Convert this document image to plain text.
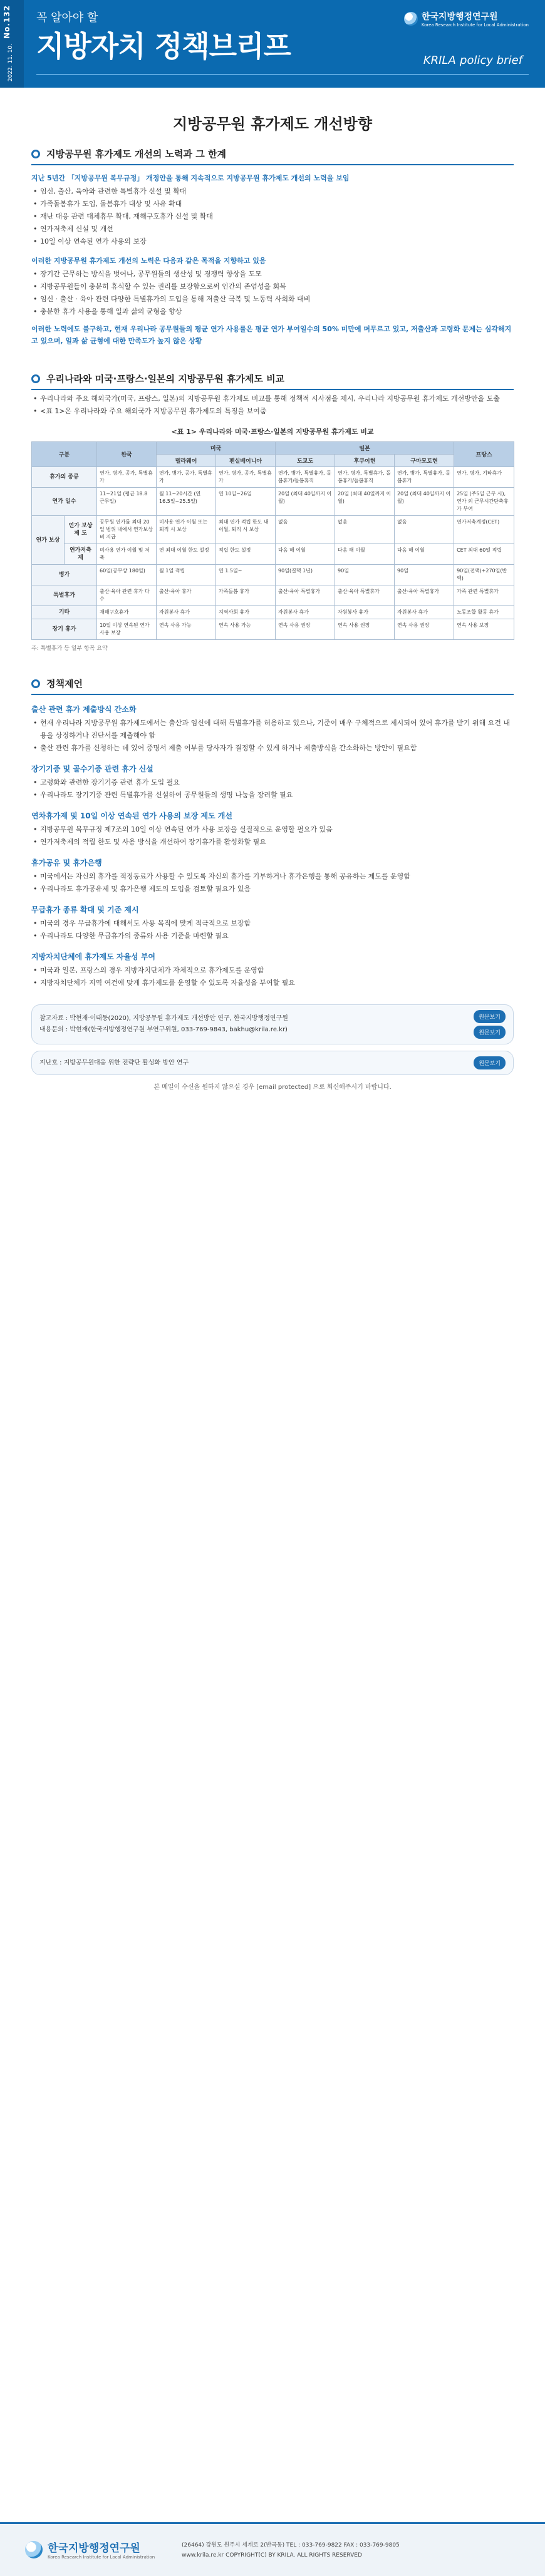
No.132
2022. 11. 10.
꼭 알아야 할
지방자치 정책브리프
한국지방행정연구원
Korea Research Institute for Local Administration
KRILA policy brief
지방공무원 휴가제도 개선방향
지방공무원 휴가제도 개선의 노력과 그 한계
지난 5년간 「지방공무원 복무규정」 개정안을 통해 지속적으로 지방공무원 휴가제도 개선의 노력을 보임
• 임신, 출산, 육아와 관련한 특별휴가 신설 및 확대
• 가족돌봄휴가 도입, 돌봄휴가 대상 및 사유 확대
• 재난 대응 관련 대체휴무 확대, 재해구호휴가 신설 및 확대
• 연가저축제 신설 및 개선
• 10일 이상 연속된 연가 사용의 보장
이러한 지방공무원 휴가제도 개선의 노력은 다음과 같은 목적을 지향하고 있음
• 장기간 근무하는 방식을 벗어나, 공무원들의 생산성 및 경쟁력 향상을 도모
• 지방공무원들이 충분히 휴식할 수 있는 권리를 보장함으로써 인간의 존엄성을 회복
• 임신 · 출산 · 육아 관련 다양한 특별휴가의 도입을 통해 저출산 극복 및 노동력 사회화 대비
• 충분한 휴가 사용을 통해 일과 삶의 균형을 향상
이러한 노력에도 불구하고, 현재 우리나라 공무원들의 평균 연가 사용률은 평균 연가 부여일수의 50% 미만에 머무르고 있고, 저출산과 고령화 문제는 심각해지고 있으며, 일과 삶 균형에 대한 만족도가 높지 않은 상황
우리나라와 미국·프랑스·일본의 지방공무원 휴가제도 비교
• 우리나라와 주요 해외국가(미국, 프랑스, 일본)의 지방공무원 휴가제도 비교를 통해 정책적 시사점을 제시, 우리나라 지방공무원 휴가제도 개선방안을 도출
• <표 1>은 우리나라와 주요 해외국가 지방공무원 휴가제도의 특징을 보여줌
<표 1> 우리나라와 미국·프랑스·일본의 지방공무원 휴가제도 비교
구분		한국	미국		일본			프랑스
			델라웨어	펜실베이니아	도쿄도	후쿠이현	구마모토현	
휴가의 종류		연가, 병가, 공가, 특별휴가	연가, 병가, 공가, 특별휴가	연가, 병가, 공가, 특별휴가	연가, 병가, 특별휴가, 돌봄휴가/돌봄휴직	연가, 병가, 특별휴가, 돌봄휴가/돌봄휴직	연가, 병가, 특별휴가, 돌봄휴가	연가, 병가, 기타휴가
연가 일수		11~21일 (평균 18.8 근무일)	월 11~20시간 (연 16.5일~25.5일)	연 10일~26일	20일 (최대 40일까지 이월)	20일 (최대 40일까지 이월)	20일 (최대 40일까지 이월)	25일 (주5일 근무 시), 연가 외 근무시간단축휴가 부여
연가 보상	연가 보상제 도	공무원 연가를 최대 20일 범위 내에서 연가보상비 지급	미사용 연가 이월 또는 퇴직 시 보상	최대 연가 적립 한도 내 이월, 퇴직 시 보상	없음	없음	없음	연가저축계정(CET)
	연가저축제	미사용 연가 이월 및 저축	연 최대 이월 한도 설정	적립 한도 설정	다음 해 이월	다음 해 이월	다음 해 이월	CET 최대 60일 적립
병가		60일(공무상 180일)	월 1일 적립	연 1.5일~	90일(결핵 1년)	90일	90일	90일(전액)+270일(반액)
특별휴가		출산·육아 관련 휴가 다수	출산·육아 휴가	가족돌봄 휴가	출산·육아 특별휴가	출산·육아 특별휴가	출산·육아 특별휴가	가족 관련 특별휴가
기타		재해구호휴가	자원봉사 휴가	지역사회 휴가	자원봉사 휴가	자원봉사 휴가	자원봉사 휴가	노동조합 활동 휴가
장기 휴가		10일 이상 연속된 연가 사용 보장	연속 사용 가능	연속 사용 가능	연속 사용 권장	연속 사용 권장	연속 사용 권장	연속 사용 보장
주: 특별휴가 등 일부 항목 요약
정책제언
출산 관련 휴가 제출방식 간소화
• 현재 우리나라 지방공무원 휴가제도에서는 출산과 임신에 대해 특별휴가를 허용하고 있으나, 기준이 매우 구체적으로 제시되어 있어 휴가를 받기 위해 요건 내용을 상정하거나 진단서를 제출해야 함
• 출산 관련 휴가를 신청하는 데 있어 증명서 제출 여부를 당사자가 결정할 수 있게 하거나 제출방식을 간소화하는 방안이 필요함
장기기증 및 골수기증 관련 휴가 신설
• 고령화와 관련한 장기기증 관련 휴가 도입 필요
• 우리나라도 장기기증 관련 특별휴가를 신설하여 공무원들의 생명 나눔을 장려할 필요
연차휴가제 및 10일 이상 연속된 연가 사용의 보장 제도 개선
• 지방공무원 복무규정 제7조의 10일 이상 연속된 연가 사용 보장을 실질적으로 운영할 필요가 있음
• 연가저축제의 적립 한도 및 사용 방식을 개선하여 장기휴가를 활성화할 필요
휴가공유 및 휴가은행
• 미국에서는 자신의 휴가를 적정동료가 사용할 수 있도록 자신의 휴가를 기부하거나 휴가은행을 통해 공유하는 제도를 운영함
• 우리나라도 휴가공유제 및 휴가은행 제도의 도입을 검토할 필요가 있음
무급휴가 종류 확대 및 기준 제시
• 미국의 경우 무급휴가에 대해서도 사용 목적에 맞게 적극적으로 보장함
• 우리나라도 다양한 무급휴가의 종류와 사용 기준을 마련할 필요
지방자치단체에 휴가제도 자율성 부여
• 미국과 일본, 프랑스의 경우 지방자치단체가 자체적으로 휴가제도를 운영함
• 지방자치단체가 지역 여건에 맞게 휴가제도를 운영할 수 있도록 자율성을 부여할 필요
참고자료 : 박현재·이태동(2020), 지방공무원 휴가제도 개선방안 연구, 한국지방행정연구원
내용문의 : 박현재(한국지방행정연구원 부연구위원, 033-769-9843, bakhu@krila.re.kr)
원문보기
원문보기
지난호 : 지방공무원대응 위한 전략단 활성화 방안 연구	원문보기
본 메일이 수신을 원하지 않으실 경우 [email protected] 으로 회신해주시기 바랍니다.
한국지방행정연구원
Korea Research Institute for Local Administration
(26464) 강원도 원주시 세계로 2(반곡동) TEL : 033-769-9822 FAX : 033-769-9805
www.krila.re.kr COPYRIGHT(C) BY KRILA. ALL RIGHTS RESERVED
